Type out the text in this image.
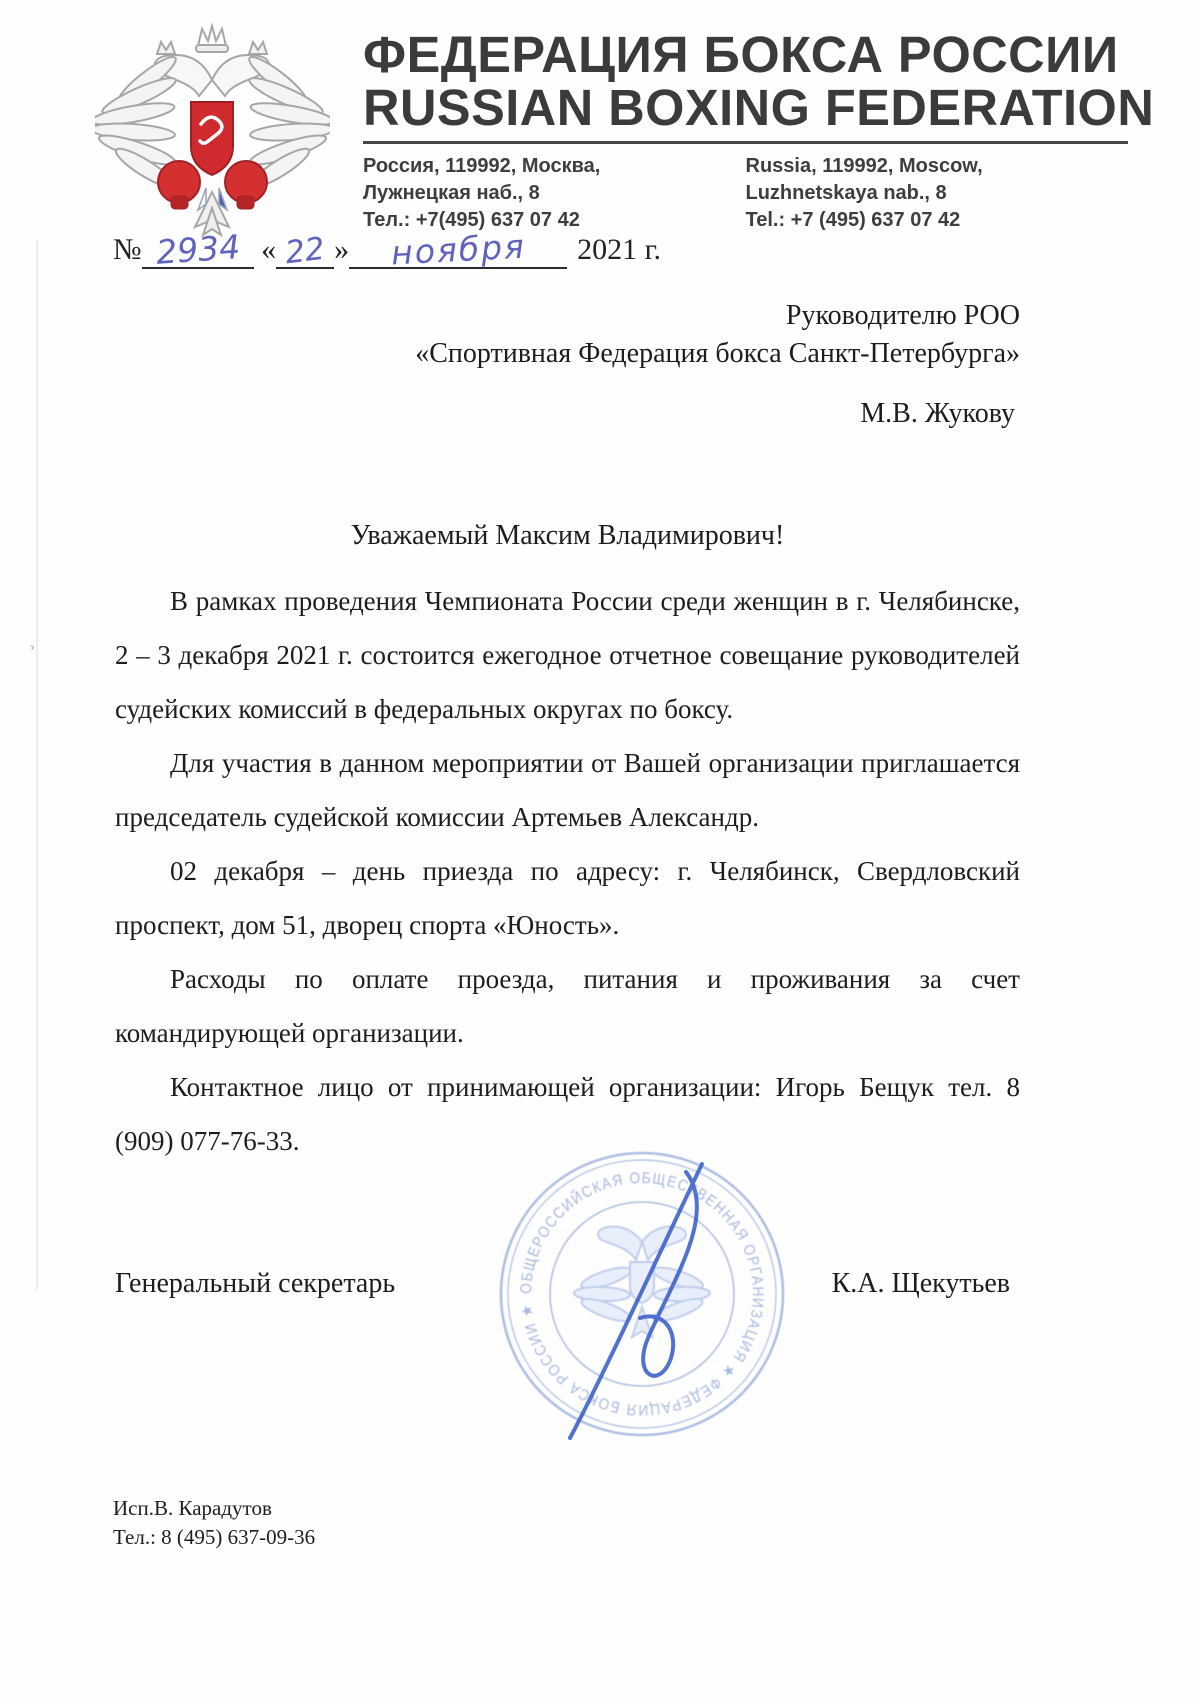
›
ФЕДЕРАЦИЯ БОКСА РОССИИ
RUSSIAN BOXING FEDERATION
Россия, 119992, Москва,
Лужнецкая наб., 8
Тел.: +7(495) 637 07 42
Russia, 119992, Moscow,
Luzhnetskaya nab., 8
Tel.: +7 (495) 637 07 42
№ 2934 « 22 » ноября 2021 г.
Руководителю РОО
«Спортивная Федерация бокса Санкт-Петербурга»
М.В. Жукову
Уважаемый Максим Владимирович!

В рамках проведения Чемпионата России среди женщин в г. Челябинске, 2 – 3 декабря 2021 г. состоится ежегодное отчетное совещание руководителей судейских комиссий в федеральных округах по боксу.

Для участия в данном мероприятии от Вашей организации приглашается председатель судейской комиссии Артемьев Александр.

02 декабря – день приезда по адресу: г. Челябинск, Свердловский проспект, дом 51, дворец спорта «Юность».

Расходы по оплате проезда, питания и проживания за счет командирующей организации.

Контактное лицо от принимающей организации: Игорь Бещук тел. 8 (909) 077-76-33.

Генеральный секретарь	К.А. Щекутьев
ОБЩЕРОССИЙСКАЯ ОБЩЕСТВЕННАЯ ОРГАНИЗАЦИЯ ★ ФЕДЕРАЦИЯ БОКСА РОССИИ ★
Исп.В. Карадутов
Тел.: 8 (495) 637-09-36
